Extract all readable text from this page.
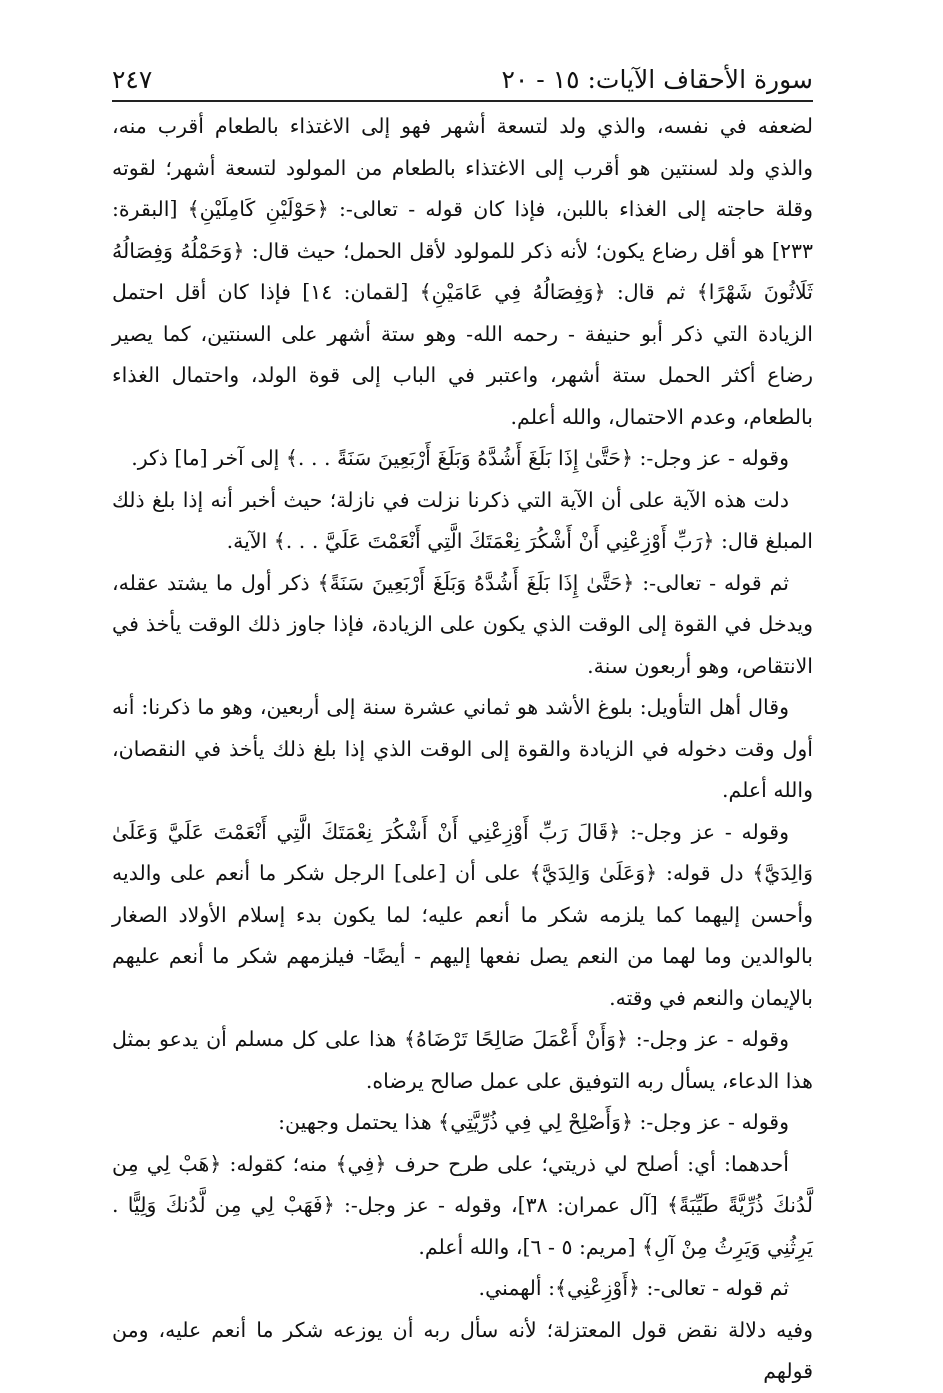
سورة الأحقاف الآيات: ١٥ - ٢٠
٢٤٧

لضعفه في نفسه، والذي ولد لتسعة أشهر فهو إلى الاغتذاء بالطعام أقرب منه، والذي ولد لسنتين هو أقرب إلى الاغتذاء بالطعام من المولود لتسعة أشهر؛ لقوته وقلة حاجته إلى الغذاء باللبن، فإذا كان قوله - تعالى-: ﴿حَوْلَيْنِ كَامِلَيْنِ﴾ [البقرة: ٢٣٣] هو أقل رضاع يكون؛ لأنه ذكر للمولود لأقل الحمل؛ حيث قال: ﴿وَحَمْلُهُ وَفِصَالُهُ ثَلَاثُونَ شَهْرًا﴾ ثم قال: ﴿وَفِصَالُهُ فِي عَامَيْنِ﴾ [لقمان: ١٤] فإذا كان أقل احتمل الزيادة التي ذكر أبو حنيفة - رحمه الله- وهو ستة أشهر على السنتين، كما يصير رضاع أكثر الحمل ستة أشهر، واعتبر في الباب إلى قوة الولد، واحتمال الغذاء بالطعام، وعدم الاحتمال، والله أعلم.

وقوله - عز وجل-: ﴿حَتَّىٰ إِذَا بَلَغَ أَشُدَّهُ وَبَلَغَ أَرْبَعِينَ سَنَةً . . .﴾ إلى آخر [ما] ذكر.

دلت هذه الآية على أن الآية التي ذكرنا نزلت في نازلة؛ حيث أخبر أنه إذا بلغ ذلك المبلغ قال: ﴿رَبِّ أَوْزِعْنِي أَنْ أَشْكُرَ نِعْمَتَكَ الَّتِي أَنْعَمْتَ عَلَيَّ . . .﴾ الآية.

ثم قوله - تعالى-: ﴿حَتَّىٰ إِذَا بَلَغَ أَشُدَّهُ وَبَلَغَ أَرْبَعِينَ سَنَةً﴾ ذكر أول ما يشتد عقله، ويدخل في القوة إلى الوقت الذي يكون على الزيادة، فإذا جاوز ذلك الوقت يأخذ في الانتقاص، وهو أربعون سنة.

وقال أهل التأويل: بلوغ الأشد هو ثماني عشرة سنة إلى أربعين، وهو ما ذكرنا: أنه أول وقت دخوله في الزيادة والقوة إلى الوقت الذي إذا بلغ ذلك يأخذ في النقصان، والله أعلم.

وقوله - عز وجل-: ﴿قَالَ رَبِّ أَوْزِعْنِي أَنْ أَشْكُرَ نِعْمَتَكَ الَّتِي أَنْعَمْتَ عَلَيَّ وَعَلَىٰ وَالِدَيَّ﴾ دل قوله: ﴿وَعَلَىٰ وَالِدَيَّ﴾ على أن [على] الرجل شكر ما أنعم على والديه وأحسن إليهما كما يلزمه شكر ما أنعم عليه؛ لما يكون بدء إسلام الأولاد الصغار بالوالدين وما لهما من النعم يصل نفعها إليهم - أيضًا- فيلزمهم شكر ما أنعم عليهم بالإيمان والنعم في وقته.

وقوله - عز وجل-: ﴿وَأَنْ أَعْمَلَ صَالِحًا تَرْضَاهُ﴾ هذا على كل مسلم أن يدعو بمثل هذا الدعاء، يسأل ربه التوفيق على عمل صالح يرضاه.

وقوله - عز وجل-: ﴿وَأَصْلِحْ لِي فِي ذُرِّيَّتِي﴾ هذا يحتمل وجهين:

أحدهما: أي: أصلح لي ذريتي؛ على طرح حرف ﴿فِي﴾ منه؛ كقوله: ﴿هَبْ لِي مِن لَّدُنكَ ذُرِّيَّةً طَيِّبَةً﴾ [آل عمران: ٣٨]، وقوله - عز وجل-: ﴿فَهَبْ لِي مِن لَّدُنكَ وَلِيًّا . يَرِثُنِي وَيَرِثُ مِنْ آلِ﴾ [مريم: ٥ - ٦]، والله أعلم.

ثم قوله - تعالى-: ﴿أَوْزِعْنِي﴾: ألهمني.

وفيه دلالة نقض قول المعتزلة؛ لأنه سأل ربه أن يوزعه شكر ما أنعم عليه، ومن قولهم
